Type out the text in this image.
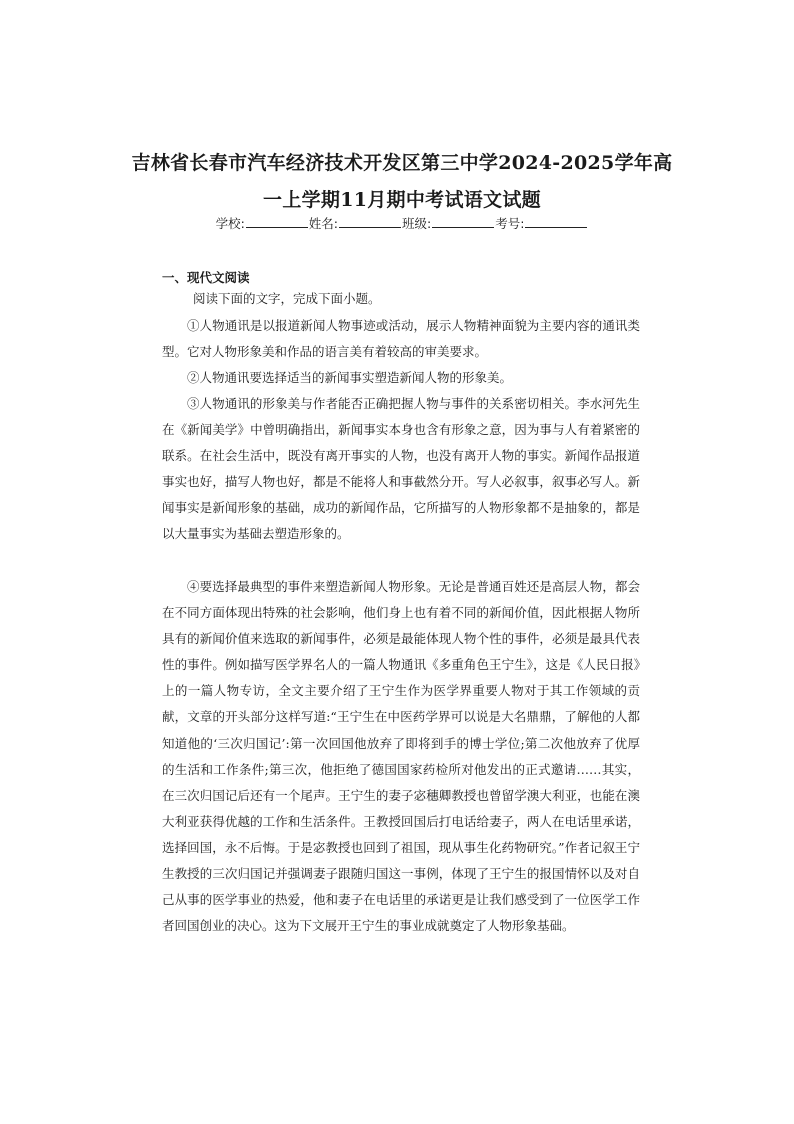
吉林省长春市汽车经济技术开发区第三中学2024-2025学年高
一上学期11月期中考试语文试题
学校:	姓名:	班级:	考号:
一、现代文阅读
阅读下面的文字，完成下面小题。

①人物通讯是以报道新闻人物事迹或活动，展示人物精神面貌为主要内容的通讯类型。它对人物形象美和作品的语言美有着较高的审美要求。

②人物通讯要选择适当的新闻事实塑造新闻人物的形象美。

③人物通讯的形象美与作者能否正确把握人物与事件的关系密切相关。李水河先生在《新闻美学》中曾明确指出，新闻事实本身也含有形象之意，因为事与人有着紧密的联系。在社会生活中，既没有离开事实的人物，也没有离开人物的事实。新闻作品报道事实也好，描写人物也好，都是不能将人和事截然分开。写人必叙事，叙事必写人。新闻事实是新闻形象的基础，成功的新闻作品，它所描写的人物形象都不是抽象的，都是以大量事实为基础去塑造形象的。

④要选择最典型的事件来塑造新闻人物形象。无论是普通百姓还是高层人物，都会在不同方面体现出特殊的社会影响，他们身上也有着不同的新闻价值，因此根据人物所具有的新闻价值来选取的新闻事件，必须是最能体现人物个性的事件，必须是最具代表性的事件。例如描写医学界名人的一篇人物通讯《多重角色王宁生》，这是《人民日报》上的一篇人物专访，全文主要介绍了王宁生作为医学界重要人物对于其工作领域的贡献，文章的开头部分这样写道:“王宁生在中医药学界可以说是大名鼎鼎，了解他的人都知道他的‘三次归国记’:第一次回国他放弃了即将到手的博士学位;第二次他放弃了优厚的生活和工作条件;第三次，他拒绝了德国国家药检所对他发出的正式邀请……其实，在三次归国记后还有一个尾声。王宁生的妻子宓穗卿教授也曾留学澳大利亚，也能在澳大利亚获得优越的工作和生活条件。王教授回国后打电话给妻子，两人在电话里承诺，选择回国，永不后悔。于是宓教授也回到了祖国，现从事生化药物研究。”作者记叙王宁生教授的三次归国记并强调妻子跟随归国这一事例，体现了王宁生的报国情怀以及对自己从事的医学事业的热爱，他和妻子在电话里的承诺更是让我们感受到了一位医学工作者回国创业的决心。这为下文展开王宁生的事业成就奠定了人物形象基础。
